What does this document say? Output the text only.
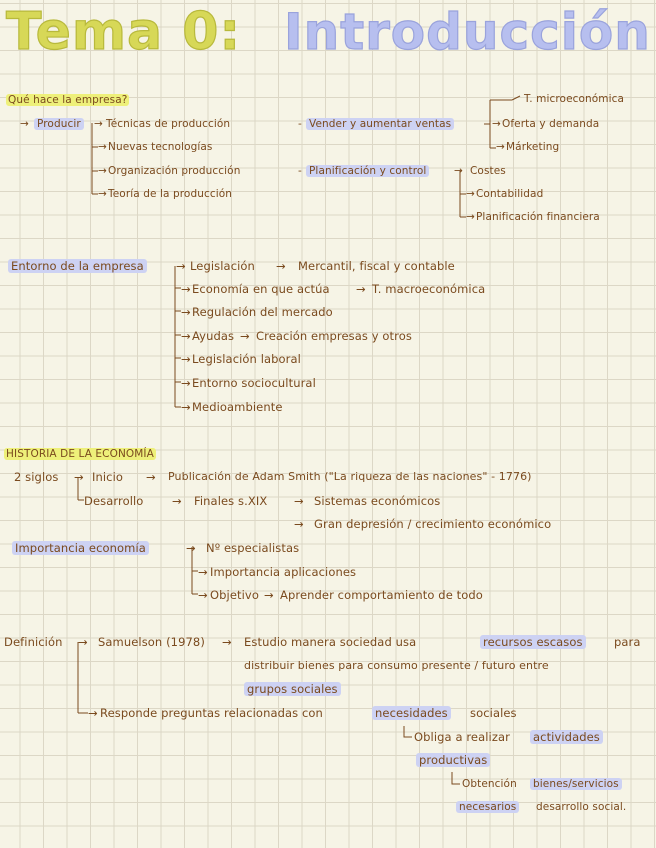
Tema 0: Introducción
Qué hace la empresa?
→ Producir → Técnicas de producción
→ Nuevas tecnologías
→ Organización producción
→ Teoría de la producción
- Vender y aumentar ventas
T. microeconómica
→ Oferta y demanda
→ Márketing
- Planificación y control	→ Costes
→ Contabilidad
→ Planificación financiera
Entorno de la empresa	→ Legislación → Mercantil, fiscal y contable
→ Economía en que actúa → T. macroeconómica
→ Regulación del mercado
→ Ayudas → Creación empresas y otros
→ Legislación laboral
→ Entorno sociocultural
→ Medioambiente
HISTORIA DE LA ECONOMÍA
2 siglos → Inicio → Publicación de Adam Smith ("La riqueza de las naciones" - 1776)
Desarrollo → Finales s.XIX → Sistemas económicos
→ Gran depresión / crecimiento económico
Importancia economía	→ Nº especialistas
→ Importancia aplicaciones
→ Objetivo → Aprender comportamiento de todo
Definición → Samuelson (1978) → Estudio manera sociedad usa	recursos escasos	para
distribuir bienes para consumo presente / futuro entre
grupos sociales
→ Responde preguntas relacionadas con	necesidades sociales
Obliga a realizar actividades
productivas
Obtención bienes/servicios
necesarios desarrollo social.
